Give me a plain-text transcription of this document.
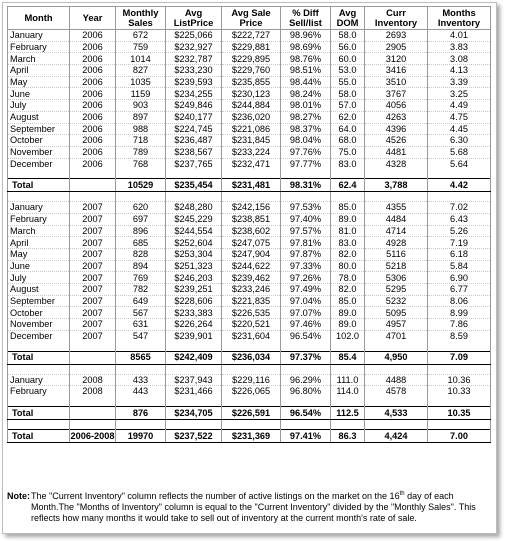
Month	Year	Monthly Sales	Avg ListPrice	Avg Sale Price	% Diff Sell/list	Avg DOM	Curr Inventory	Months Inventory
January	2006	672	$225,066	$222,727	98.96%	58.0	2693	4.01
February	2006	759	$232,927	$229,881	98.69%	56.0	2905	3.83
March	2006	1014	$232,787	$229,895	98.76%	60.0	3120	3.08
April	2006	827	$233,230	$229,760	98.51%	53.0	3416	4.13
May	2006	1035	$239,593	$235,855	98.44%	55.0	3510	3.39
June	2006	1159	$234,255	$230,123	98.24%	58.0	3767	3.25
July	2006	903	$249,846	$244,884	98.01%	57.0	4056	4.49
August	2006	897	$240,177	$236,020	98.27%	62.0	4263	4.75
September	2006	988	$224,745	$221,086	98.37%	64.0	4396	4.45
October	2006	718	$236,487	$231,845	98.04%	68.0	4526	6.30
November	2006	789	$238,567	$233,224	97.76%	75.0	4481	5.68
December	2006	768	$237,765	$232,471	97.77%	83.0	4328	5.64

Total		10529	$235,454	$231,481	98.31%	62.4	3,788	4.42

January	2007	620	$248,280	$242,156	97.53%	85.0	4355	7.02
February	2007	697	$245,229	$238,851	97.40%	89.0	4484	6.43
March	2007	896	$244,554	$238,602	97.57%	81.0	4714	5.26
April	2007	685	$252,604	$247,075	97.81%	83.0	4928	7.19
May	2007	828	$253,304	$247,904	97.87%	82.0	5116	6.18
June	2007	894	$251,323	$244,622	97.33%	80.0	5218	5.84
July	2007	769	$246,203	$239,462	97.26%	78.0	5306	6.90
August	2007	782	$239,251	$233,246	97.49%	82.0	5295	6.77
September	2007	649	$228,606	$221,835	97.04%	85.0	5232	8.06
October	2007	567	$233,383	$226,535	97.07%	89.0	5095	8.99
November	2007	631	$226,264	$220,521	97.46%	89.0	4957	7.86
December	2007	547	$239,901	$231,604	96.54%	102.0	4701	8.59

Total		8565	$242,409	$236,034	97.37%	85.4	4,950	7.09

January	2008	433	$237,943	$229,116	96.29%	111.0	4488	10.36
February	2008	443	$231,466	$226,065	96.80%	114.0	4578	10.33

Total		876	$234,705	$226,591	96.54%	112.5	4,533	10.35

Total	2006-2008	19970	$237,522	$231,369	97.41%	86.3	4,424	7.00
Note: The "Current Inventory" column reflects the number of active listings on the market on the 16th day of each Month.The "Months of Inventory" column is equal to the "Current Inventory" divided by the "Monthly Sales". This reflects how many months it would take to sell out of inventory at the current month's rate of sale.
